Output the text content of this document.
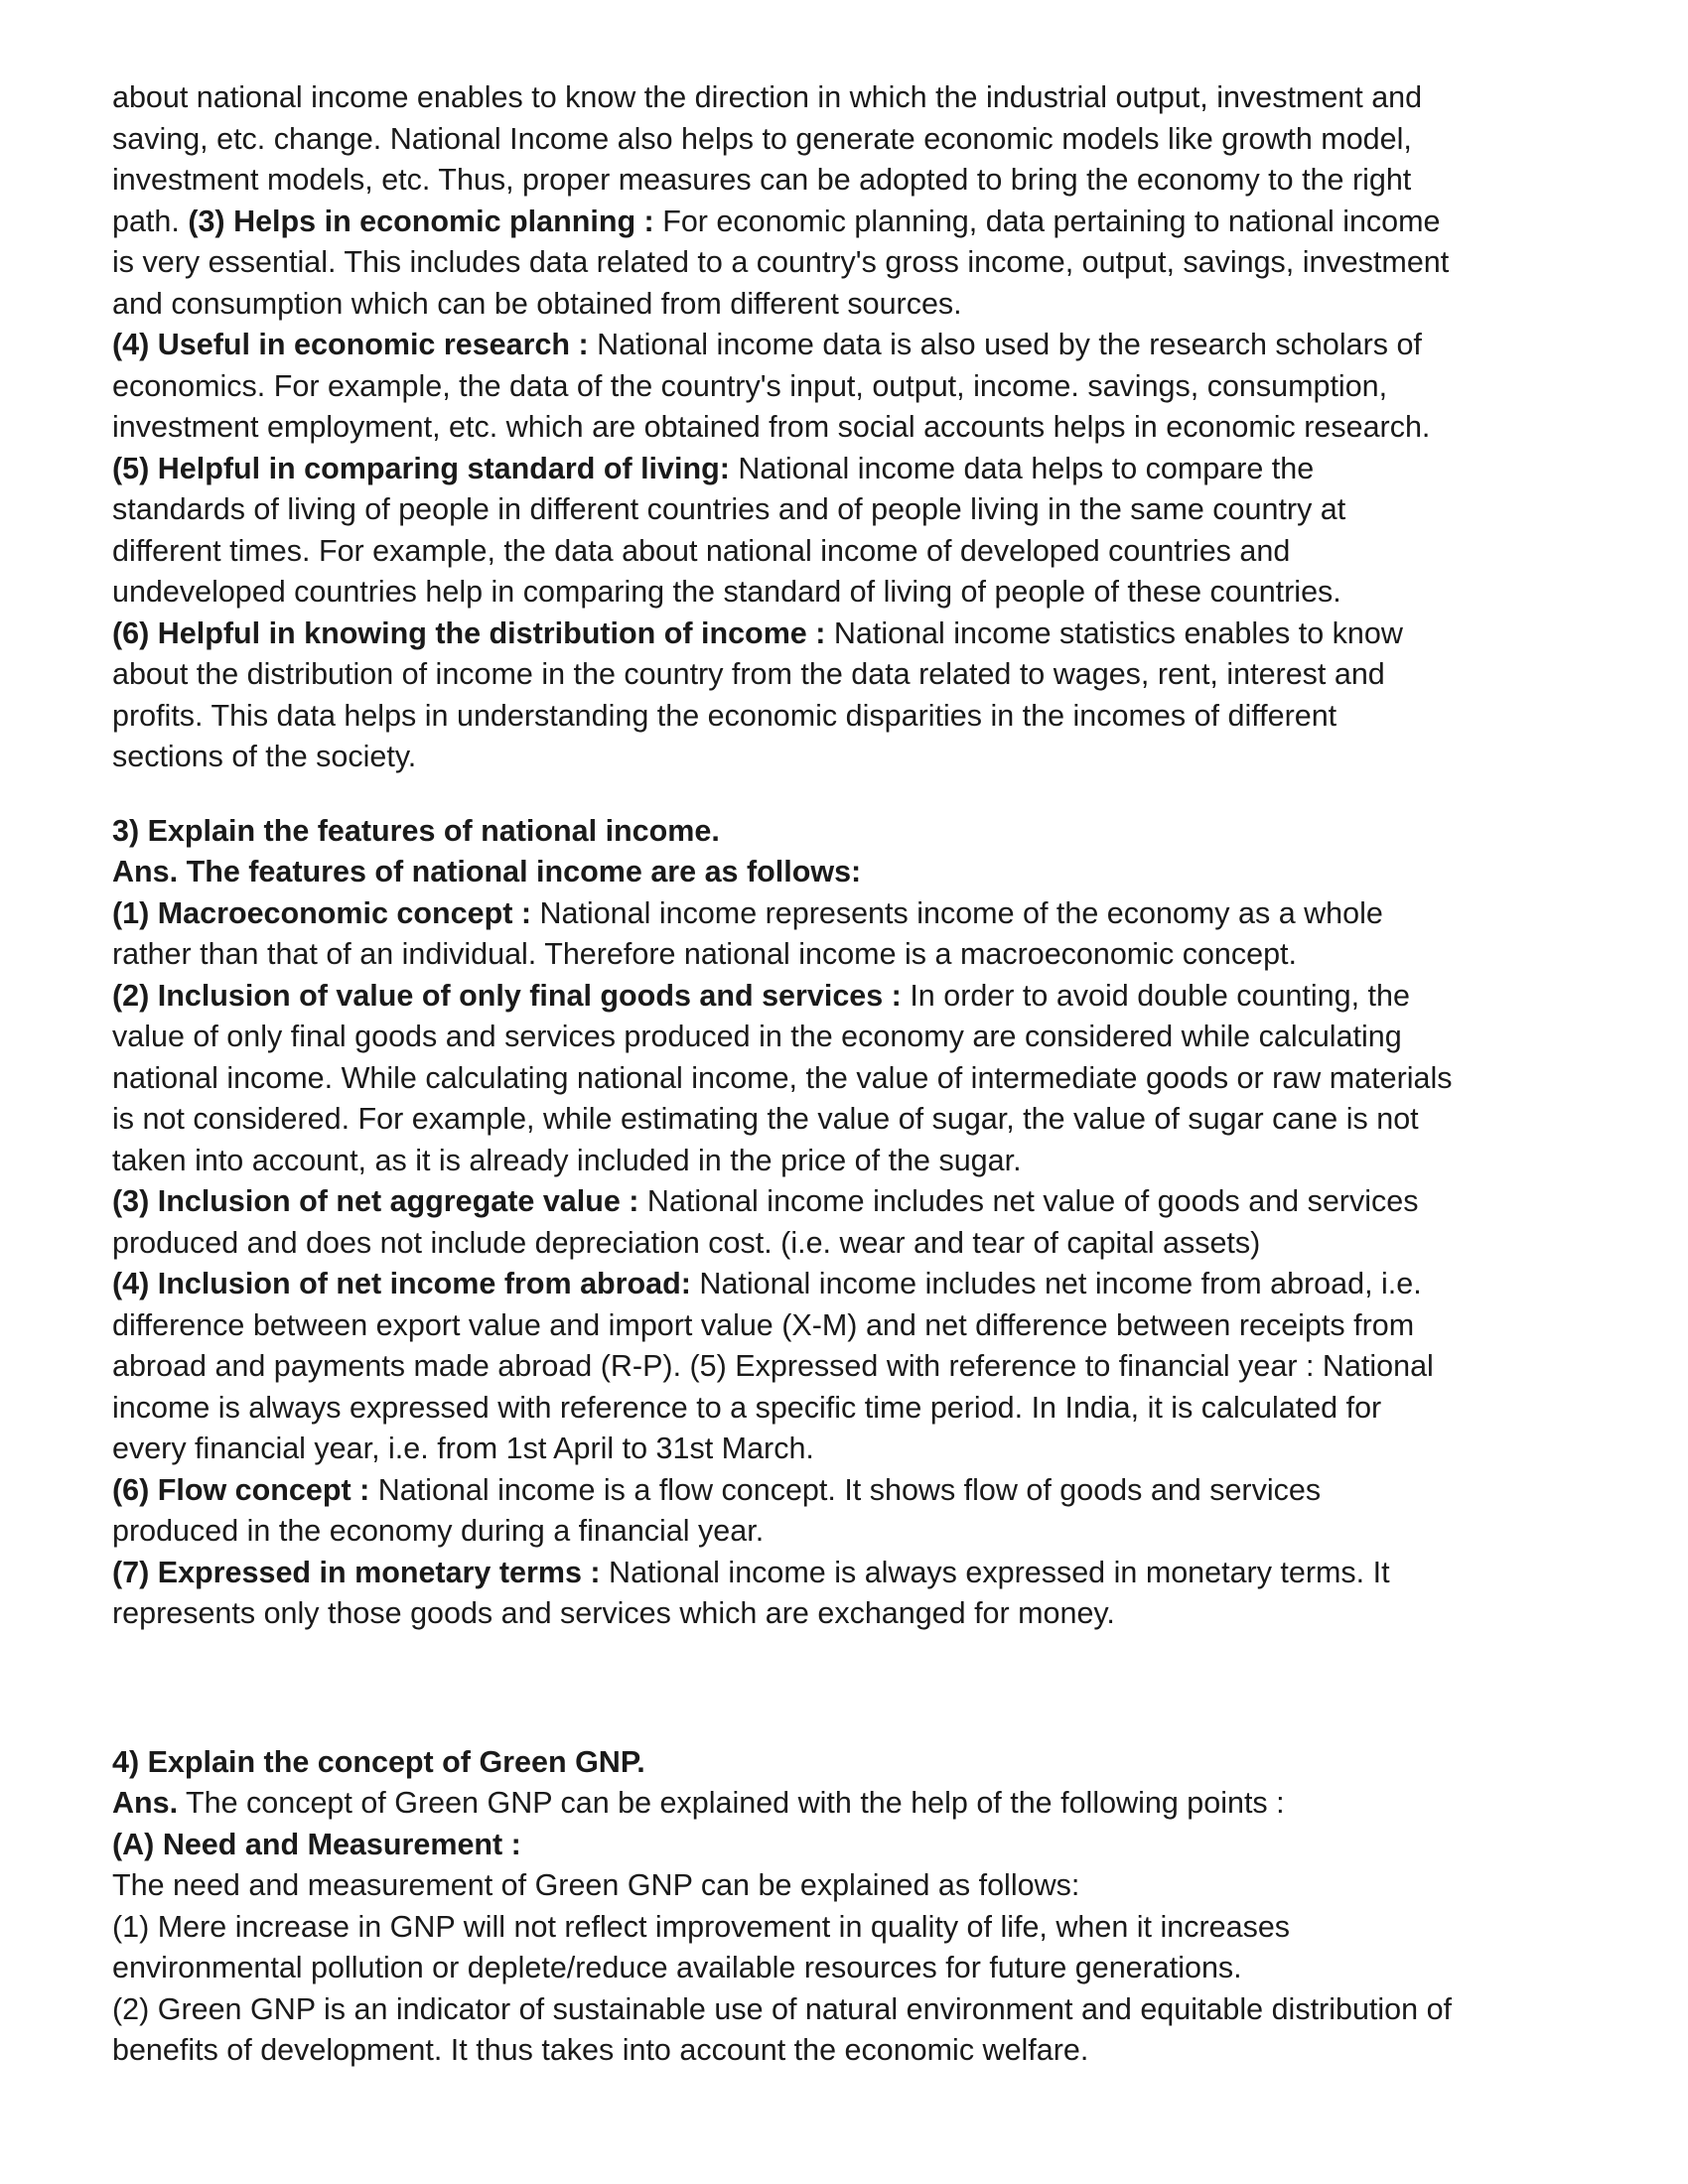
about national income enables to know the direction in which the industrial output, investment and
saving, etc. change. National Income also helps to generate economic models like growth model,
investment models, etc. Thus, proper measures can be adopted to bring the economy to the right
path. (3) Helps in economic planning : For economic planning, data pertaining to national income
is very essential. This includes data related to a country's gross income, output, savings, investment
and consumption which can be obtained from different sources.
(4) Useful in economic research : National income data is also used by the research scholars of
economics. For example, the data of the country's input, output, income. savings, consumption,
investment employment, etc. which are obtained from social accounts helps in economic research.
(5) Helpful in comparing standard of living: National income data helps to compare the
standards of living of people in different countries and of people living in the same country at
different times. For example, the data about national income of developed countries and
undeveloped countries help in comparing the standard of living of people of these countries.
(6) Helpful in knowing the distribution of income : National income statistics enables to know
about the distribution of income in the country from the data related to wages, rent, interest and
profits. This data helps in understanding the economic disparities in the incomes of different
sections of the society.
3) Explain the features of national income.
Ans. The features of national income are as follows:
(1) Macroeconomic concept : National income represents income of the economy as a whole
rather than that of an individual. Therefore national income is a macroeconomic concept.
(2) Inclusion of value of only final goods and services : In order to avoid double counting, the
value of only final goods and services produced in the economy are considered while calculating
national income. While calculating national income, the value of intermediate goods or raw materials
is not considered. For example, while estimating the value of sugar, the value of sugar cane is not
taken into account, as it is already included in the price of the sugar.
(3) Inclusion of net aggregate value : National income includes net value of goods and services
produced and does not include depreciation cost. (i.e. wear and tear of capital assets)
(4) Inclusion of net income from abroad: National income includes net income from abroad, i.e.
difference between export value and import value (X-M) and net difference between receipts from
abroad and payments made abroad (R-P). (5) Expressed with reference to financial year : National
income is always expressed with reference to a specific time period. In India, it is calculated for
every financial year, i.e. from 1st April to 31st March.
(6) Flow concept : National income is a flow concept. It shows flow of goods and services
produced in the economy during a financial year.
(7) Expressed in monetary terms : National income is always expressed in monetary terms. It
represents only those goods and services which are exchanged for money.
4) Explain the concept of Green GNP.
Ans. The concept of Green GNP can be explained with the help of the following points :
(A) Need and Measurement :
The need and measurement of Green GNP can be explained as follows:
(1) Mere increase in GNP will not reflect improvement in quality of life, when it increases
environmental pollution or deplete/reduce available resources for future generations.
(2) Green GNP is an indicator of sustainable use of natural environment and equitable distribution of
benefits of development. It thus takes into account the economic welfare.
